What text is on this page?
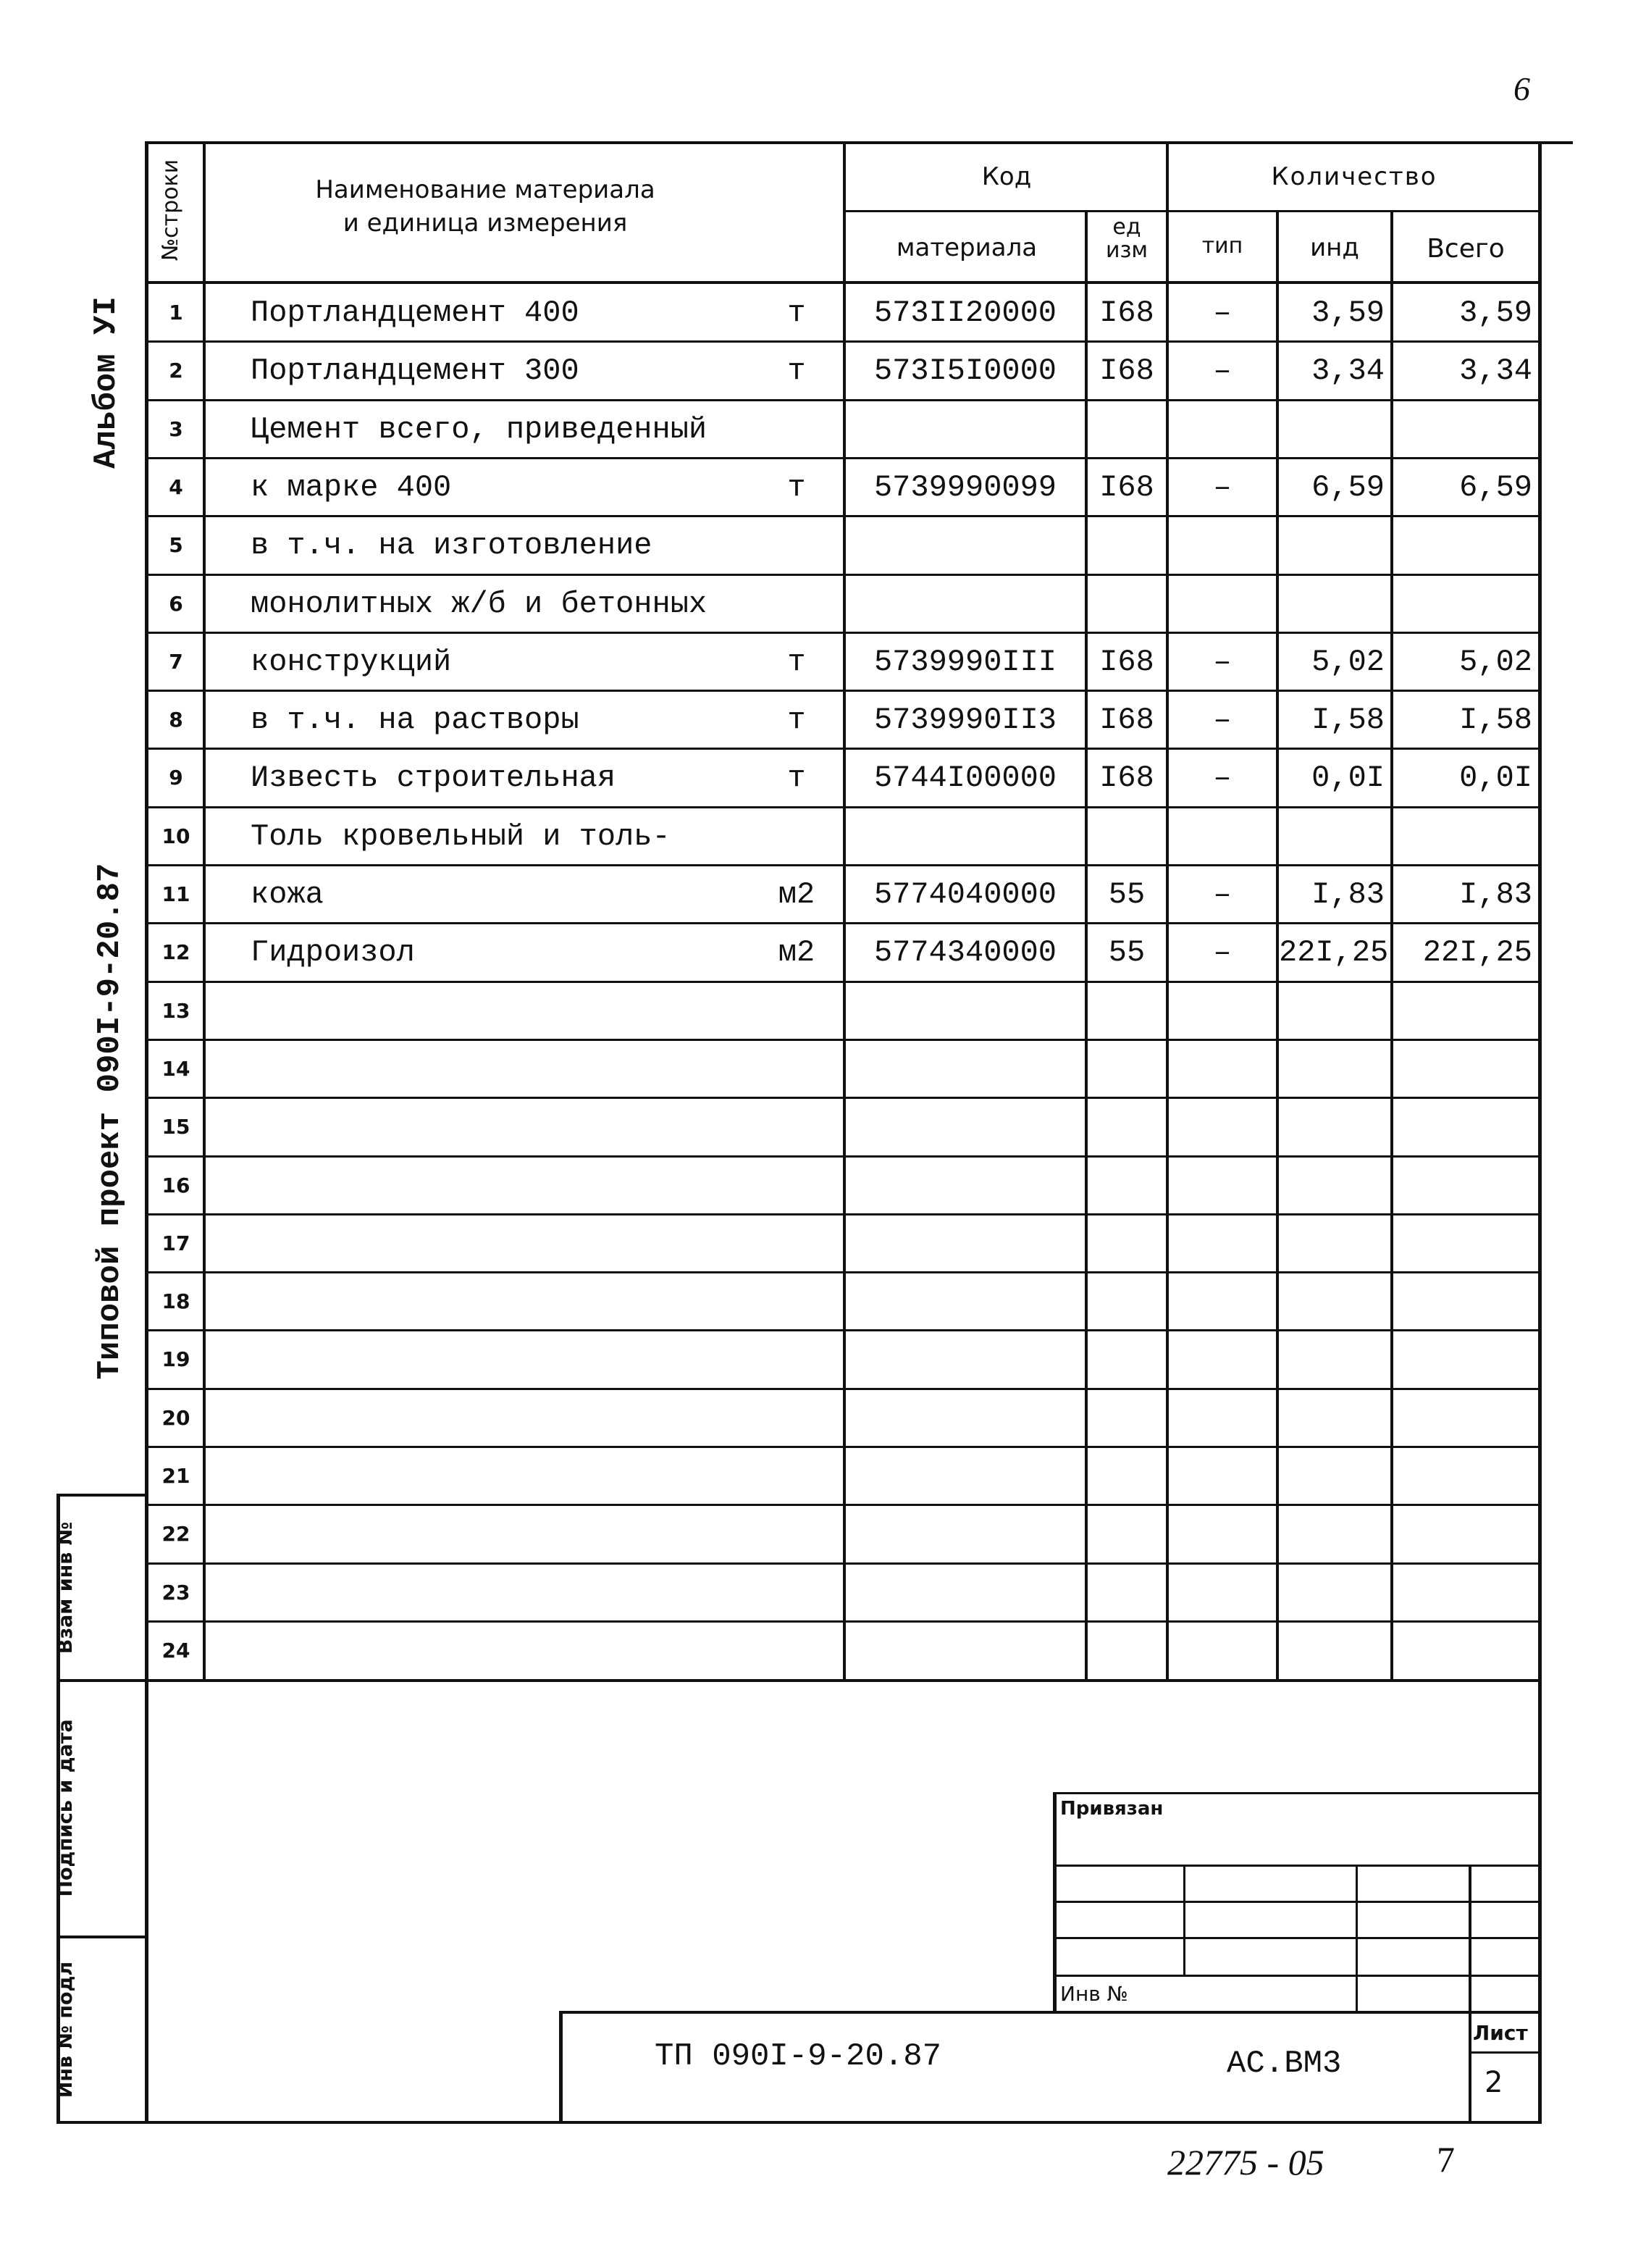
6
Альбом УІ
Типовой проект 090I-9-20.87
Взам инв №
Подпись и дата
Инв № подл
№строки	Наименование материала
и единица измерения
Код
материала
ед
изм
Количество
тип	инд	Всего
1	Портландцемент 400	т	573II20000	I68	–	3,59	3,59
2	Портландцемент 300	т	573I5I0000	I68	–	3,34	3,34
3	Цемент всего, приведенный
4	к марке 400	т	5739990099	I68	–	6,59	6,59
5	в т.ч. на изготовление
6	монолитных ж/б и бетонных
7	конструкций	т	5739990III	I68	–	5,02	5,02
8	в т.ч. на растворы	т	5739990II3	I68	–	I,58	I,58
9	Известь строительная	т	5744I00000	I68	–	0,0I	0,0I
10	Толь кровельный и толь-
11	кожа	м2	5774040000	55	–	I,83	I,83
12	Гидроизол	м2	5774340000	55	–	22I,25	22I,25
13
14
15
16
17
18
19
20
21
22
23
24
Привязан
Инв №
ТП 090I-9-20.87	АС.ВМ3
Лист
2
22775 - 05	7
